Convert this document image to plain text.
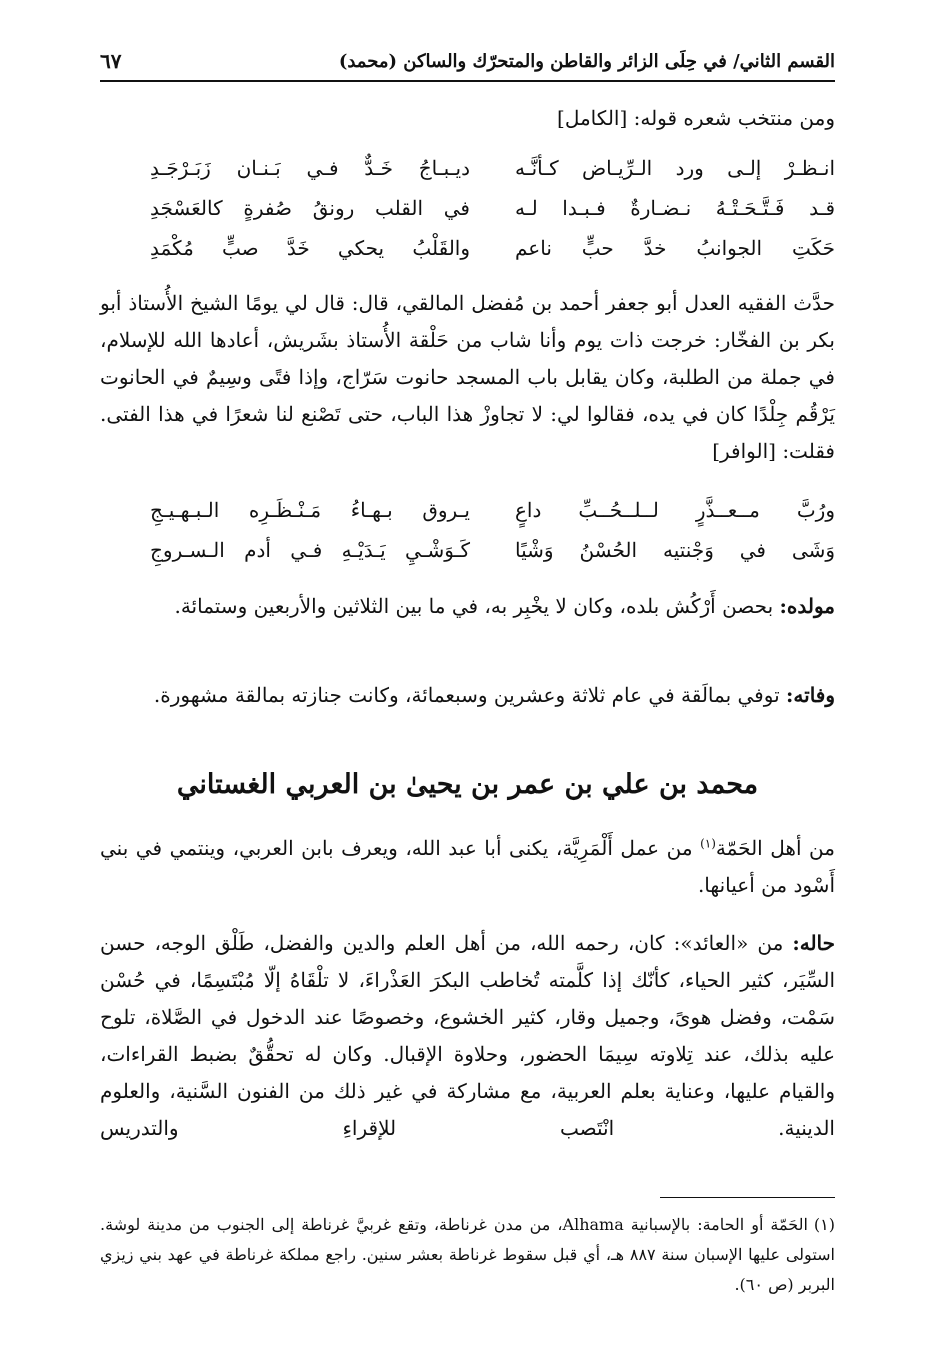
القسم الثاني/ في حِلَى الزائر والقاطن والمتحرّك والساكن (محمد)
٦٧
ومن منتخب شعره قوله: [الكامل]
انـظـرْ إلـى ورد الـرِّيـاض كـأنَّـه
ديـبـاجُ خَـدٌّ فـي بَـنـان زَبَـرْجَـدِ
قـد فَـتَّـحَـتْـهُ نـضـارةٌ فـبـدا لـه
في القلب رونقُ صُفرةٍ كالعَسْجَدِ
حَكَتِ الجوانبُ خدَّ حبٍّ ناعم
والقَلْبُ يحكي خَدَّ صبٍّ مُكْمَدِ
حدَّث الفقيه العدل أبو جعفر أحمد بن مُفضل المالقي، قال: قال لي يومًا الشيخ الأُستاذ أبو بكر بن الفخّار: خرجت ذات يوم وأنا شاب من حَلْقة الأُستاذ بشَريش، أعادها الله للإسلام، في جملة من الطلبة، وكان يقابل باب المسجد حانوت سَرّاج، وإذا فتًى وسِيمٌ في الحانوت يَرْقُم جِلْدًا كان في يده، فقالوا لي: لا تجاوزْ هذا الباب، حتى تَصْنع لنا شعرًا في هذا الفتى. فقلت: [الوافر]
ورُبَّ مــعــذَّرٍ لــلــحُــبِّ داعٍ
يـروق بـهـاءُ مَـنْـظَـرِه الـبـهـيـجِ
وَشَى في وَجْنتيه الحُسْنُ وَشْيًا
كَـوَشْـيِ يَـدَيْـهِ فـي أدم الـسـروجِ
مولده: بحصن أَرْكُش بلده، وكان لا يخْبِر به، في ما بين الثلاثين والأربعين وستمائة.
وفاته: توفي بمالَقة في عام ثلاثة وعشرين وسبعمائة، وكانت جنازته بمالقة مشهورة.
محمد بن علي بن عمر بن يحيىٰ بن العربي الغستاني
من أهل الحَمّة$^{(١)}$ من عمل أَلْمَرِيَّة، يكنى أبا عبد الله، ويعرف بابن العربي، وينتمي في بني أَسْود من أعيانها.
حاله: من «العائد»: كان، رحمه الله، من أهل العلم والدين والفضل، طَلْق الوجه، حسن السِّيَر، كثير الحياء، كأنّك إذا كلَّمته تُخاطب البكرَ العَذْراءَ، لا تلْقَاهُ إلّا مُبْتَسِمًا، في حُسْن سَمْت، وفضل هوىً، وجميل وقار، كثير الخشوع، وخصوصًا عند الدخول في الصَّلاة، تلوح عليه بذلك، عند تِلاوته سِيمَا الحضور، وحلاوة الإقبال. وكان له تحقُّقٌ بضبط القراءات، والقيام عليها، وعناية بعلم العربية، مع مشاركة في غير ذلك من الفنون السَّنية، والعلوم الدينية. انْتَصب للإقراءِ والتدريس
(١)الحَمّة أو الحامة: بالإسبانية Alhama، من مدن غرناطة، وتقع غربيَّ غرناطة إلى الجنوب من مدينة لوشة. استولى عليها الإسبان سنة ٨٨٧ هـ، أي قبل سقوط غرناطة بعشر سنين. راجع مملكة غرناطة في عهد بني زيزي البربر (ص ٦٠).
